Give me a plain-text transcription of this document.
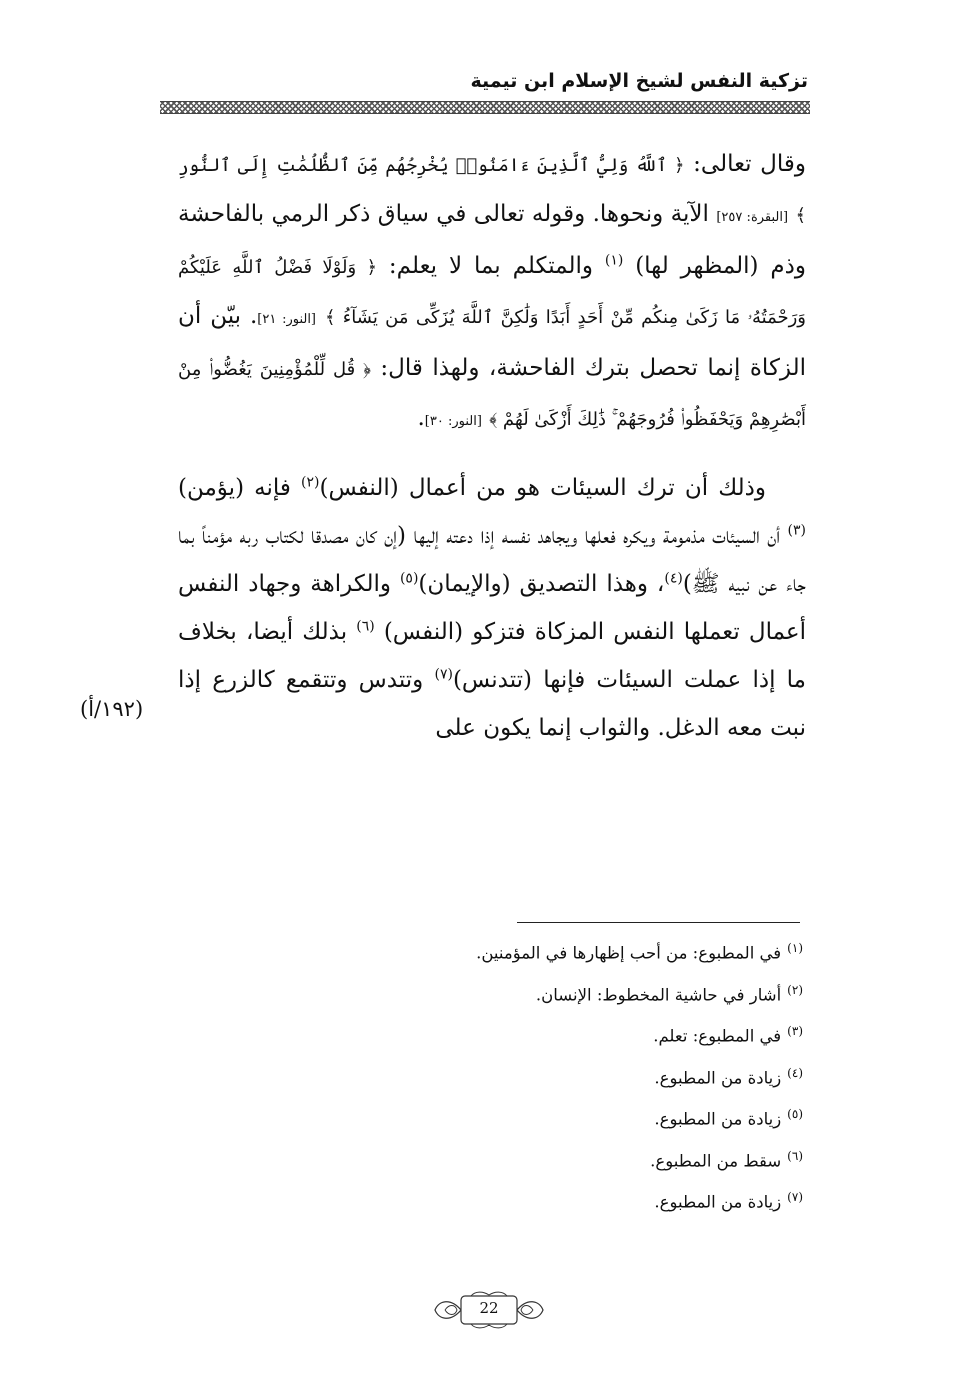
تزكية النفس لشيخ الإسلام ابن تيمية

وقال تعالى: ﴿ ٱللَّهُ وَلِيُّ ٱلَّذِينَ ءَامَنُوا۟ يُخْرِجُهُم مِّنَ ٱلظُّلُمَٰتِ إِلَى ٱلنُّورِ ﴾ [البقرة: ٢٥٧] الآية ونحوها. وقوله تعالى في سياق ذكر الرمي بالفاحشة وذم (المظهر لها) $^{(١)}$ والمتكلم بما لا يعلم: ﴿ وَلَوْلَا فَضْلُ ٱللَّهِ عَلَيْكُمْ وَرَحْمَتُهُۥ مَا زَكَىٰ مِنكُم مِّنْ أَحَدٍ أَبَدًا وَلَٰكِنَّ ٱللَّهَ يُزَكِّى مَن يَشَآءُ ﴾ [النور: ٢١]. بيّن أن الزكاة إنما تحصل بترك الفاحشة، ولهذا قال: ﴿ قُل لِّلْمُؤْمِنِينَ يَغُضُّوا۟ مِنْ أَبْصَٰرِهِمْ وَيَحْفَظُوا۟ فُرُوجَهُمْ ۚ ذَٰلِكَ أَزْكَىٰ لَهُمْ ﴾ [النور: ٣٠].

وذلك أن ترك السيئات هو من أعمال (النفس)$^{(٢)}$ فإنه (يؤمن) $^{(٣)}$ أن السيئات مذمومة ويكره فعلها ويجاهد نفسه إذا دعته إليها (إن كان مصدقا لكتاب ربه مؤمناً بما جاء عن نبيه ﷺ)$^{(٤)}$، وهذا التصديق (والإيمان)$^{(٥)}$ والكراهة وجهاد النفس أعمال تعملها النفس المزكاة فتزكو (النفس) $^{(٦)}$ بذلك أيضا، بخلاف ما إذا عملت السيئات فإنها (تتدنس)$^{(٧)}$ وتتدس وتتقمع كالزرع إذا نبت معه الدغل. والثواب إنما يكون على

(١٩٢/أ)
$^{(١)}$في المطبوع: من أحب إظهارها في المؤمنين.
$^{(٢)}$أشار في حاشية المخطوط: الإنسان.
$^{(٣)}$في المطبوع: تعلم.
$^{(٤)}$زيادة من المطبوع.
$^{(٥)}$زيادة من المطبوع.
$^{(٦)}$سقط من المطبوع.
$^{(٧)}$زيادة من المطبوع.
22
